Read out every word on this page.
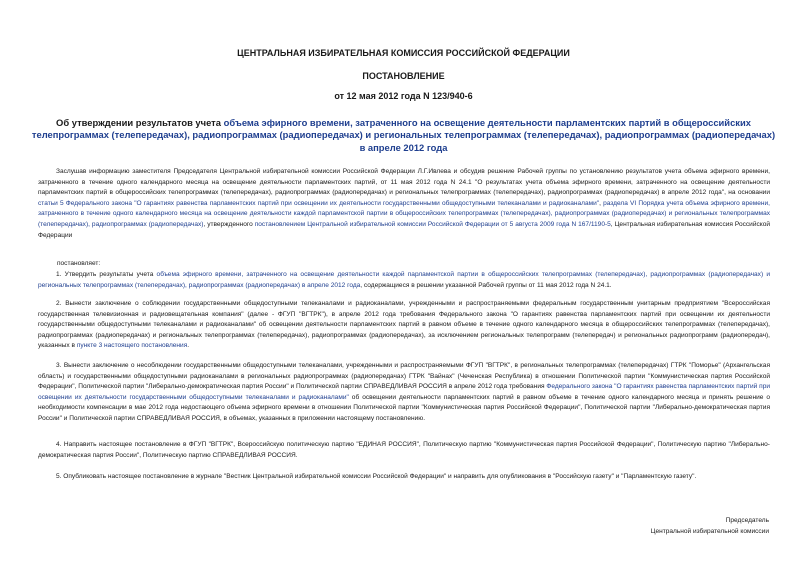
ЦЕНТРАЛЬНАЯ ИЗБИРАТЕЛЬНАЯ КОМИССИЯ РОССИЙСКОЙ ФЕДЕРАЦИИ
ПОСТАНОВЛЕНИЕ
от 12 мая 2012 года N 123/940-6
Об утверждении результатов учета объема эфирного времени, затраченного на освещение деятельности парламентских партий в общероссийских телепрограммах (телепередачах), радиопрограммах (радиопередачах) и региональных телепрограммах (телепередачах), радиопрограммах (радиопередачах) в апреле 2012 года
Заслушав информацию заместителя Председателя Центральной избирательной комиссии Российской Федерации Л.Г.Ивлева и обсудив решение Рабочей группы по установлению результатов учета объема эфирного времени, затраченного в течение одного календарного месяца на освещение деятельности парламентских партий, от 11 мая 2012 года N 24.1 "О результатах учета объема эфирного времени, затраченного на освещение деятельности парламентских партий в общероссийских телепрограммах (телепередачах), радиопрограммах (радиопередачах) и региональных телепрограммах (телепередачах), радиопрограммах (радиопередачах) в апреле 2012 года", на основании статьи 5 Федерального закона "О гарантиях равенства парламентских партий при освещении их деятельности государственными общедоступными телеканалами и радиоканалами", раздела VI Порядка учета объема эфирного времени, затраченного в течение одного календарного месяца на освещение деятельности каждой парламентской партии в общероссийских телепрограммах (телепередачах), радиопрограммах (радиопередачах) и региональных телепрограммах (телепередачах), радиопрограммах (радиопередачах), утвержденного постановлением Центральной избирательной комиссии Российской Федерации от 5 августа 2009 года N 167/1190-5, Центральная избирательная комиссия Российской Федерации
постановляет:
1. Утвердить результаты учета объема эфирного времени, затраченного на освещение деятельности каждой парламентской партии в общероссийских телепрограммах (телепередачах), радиопрограммах (радиопередачах) и региональных телепрограммах (телепередачах), радиопрограммах (радиопередачах) в апреле 2012 года, содержащиеся в решении указанной Рабочей группы от 11 мая 2012 года N 24.1.
2. Вынести заключение о соблюдении государственными общедоступными телеканалами и радиоканалами, учрежденными и распространяемыми федеральным государственным унитарным предприятием "Всероссийская государственная телевизионная и радиовещательная компания" (далее - ФГУП "ВГТРК"), в апреле 2012 года требования Федерального закона "О гарантиях равенства парламентских партий при освещении их деятельности государственными общедоступными телеканалами и радиоканалами" об освещении деятельности парламентских партий в равном объеме в течение одного календарного месяца в общероссийских телепрограммах (телепередачах), радиопрограммах (радиопередачах) и региональных телепрограммах (телепередачах), радиопрограммах (радиопередачах), за исключением региональных телепрограмм (телепередач) и региональных радиопрограмм (радиопередач), указанных в пункте 3 настоящего постановления.
3. Вынести заключение о несоблюдении государственными общедоступными телеканалами, учрежденными и распространяемыми ФГУП "ВГТРК", в региональных телепрограммах (телепередачах) ГТРК "Поморье" (Архангельская область) и государственными общедоступными радиоканалами в региональных радиопрограммах (радиопередачах) ГТРК "Вайнах" (Чеченская Республика) в отношении Политической партии "Коммунистическая партия Российской Федерации", Политической партии "Либерально-демократическая партия России" и Политической партии СПРАВЕДЛИВАЯ РОССИЯ в апреле 2012 года требования Федерального закона "О гарантиях равенства парламентских партий при освещении их деятельности государственными общедоступными телеканалами и радиоканалами" об освещении деятельности парламентских партий в равном объеме в течение одного календарного месяца и принять решение о необходимости компенсации в мае 2012 года недостающего объема эфирного времени в отношении Политической партии "Коммунистическая партия Российской Федерации", Политической партии "Либерально-демократическая партия России" и Политической партии СПРАВЕДЛИВАЯ РОССИЯ, в объемах, указанных в приложении настоящему постановлению.
4. Направить настоящее постановление в ФГУП "ВГТРК", Всероссийскую политическую партию "ЕДИНАЯ РОССИЯ", Политическую партию "Коммунистическая партия Российской Федерации", Политическую партию "Либерально-демократическая партия России", Политическую партию СПРАВЕДЛИВАЯ РОССИЯ.
5. Опубликовать настоящее постановление в журнале "Вестник Центральной избирательной комиссии Российской Федерации" и направить для опубликования в "Российскую газету" и "Парламентскую газету".
Председатель
Центральной избирательной комиссии
